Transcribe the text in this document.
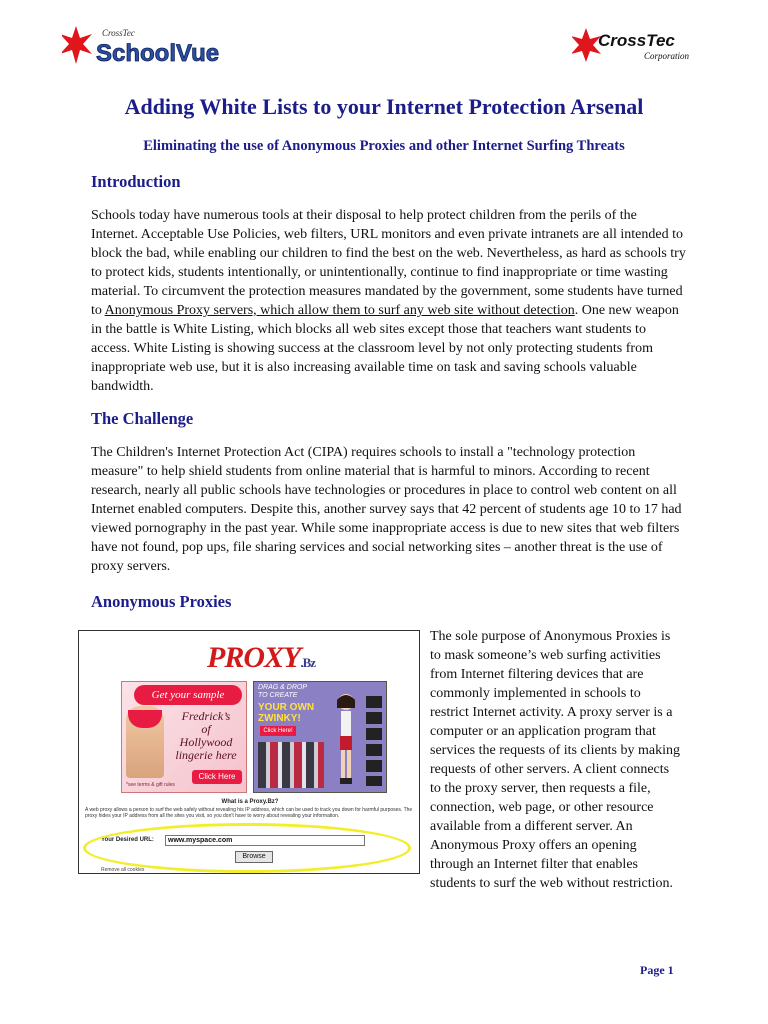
CrossTec
SchoolVue	CrossTec
Corporation
Adding White Lists to your Internet Protection Arsenal
Eliminating the use of Anonymous Proxies and other Internet Surfing Threats
Introduction
Schools today have numerous tools at their disposal to help protect children from the perils of the
Internet. Acceptable Use Policies, web filters, URL monitors and even private intranets are all intended to
block the bad, while enabling our children to find the best on the web. Nevertheless, as hard as schools try
to protect kids, students intentionally, or unintentionally, continue to find inappropriate or time wasting
material. To circumvent the protection measures mandated by the government, some students have turned
to Anonymous Proxy servers, which allow them to surf any web site without detection. One new weapon
in the battle is White Listing, which blocks all web sites except those that teachers want students to
access. White Listing is showing success at the classroom level by not only protecting students from
inappropriate web use, but it is also increasing available time on task and saving schools valuable
bandwidth.
The Challenge
The Children's Internet Protection Act (CIPA) requires schools to install a "technology protection
measure" to help shield students from online material that is harmful to minors. According to recent
research, nearly all public schools have technologies or procedures in place to control web content on all
Internet enabled computers. Despite this, another survey says that 42 percent of students age 10 to 17 had
viewed pornography in the past year. While some inappropriate access is due to new sites that web filters
have not found, pop ups, file sharing services and social networking sites – another threat is the use of
proxy servers.
Anonymous Proxies
PROXY.Bz
Get your sample
Fredrick’s
of
Hollywood
lingerie here
Click Here
*see terms & gift rules
DRAG & DROP TO CREATE
YOUR OWN ZWINKY!
Click Here!
What is a Proxy.Bz?
A web proxy allows a person to surf the web safely without revealing his IP address, which can be used to track you down for harmful purposes. The proxy hides your IP address from all the sites you visit, so you don't have to worry about revealing your information.
Your Desired URL:	www.myspace.com
Browse
Remove all cookies
The sole purpose of Anonymous Proxies is
to mask someone’s web surfing activities
from Internet filtering devices that are
commonly implemented in schools to
restrict Internet activity. A proxy server is a
computer or an application program that
services the requests of its clients by making
requests of other servers. A client connects
to the proxy server, then requests a file,
connection, web page, or other resource
available from a different server. An
Anonymous Proxy offers an opening
through an Internet filter that enables
students to surf the web without restriction.
Page 1
